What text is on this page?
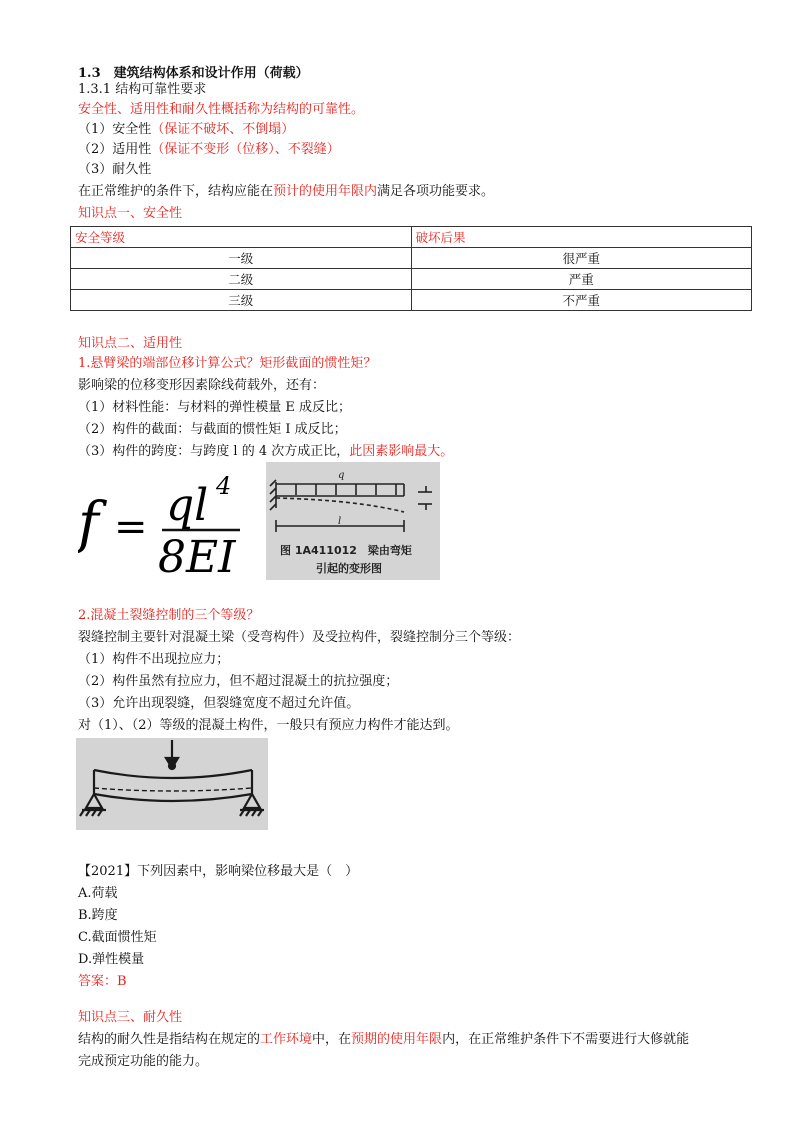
1.3　建筑结构体系和设计作用（荷载）
1.3.1 结构可靠性要求
安全性、适用性和耐久性概括称为结构的可靠性。
（1）安全性（保证不破坏、不倒塌）
（2）适用性（保证不变形（位移）、不裂缝）
（3）耐久性
在正常维护的条件下，结构应能在预计的使用年限内满足各项功能要求。
知识点一、安全性
安全等级	破坏后果
一级	很严重
二级	严重
三级	不严重
知识点二、适用性
1.悬臂梁的端部位移计算公式？矩形截面的惯性矩？
影响梁的位移变形因素除线荷载外，还有：
（1）材料性能：与材料的弹性模量 E 成反比；
（2）构件的截面：与截面的惯性矩 I 成反比；
（3）构件的跨度：与跨度 l 的 4 次方成正比，此因素影响最大。
f = ql 4
8EI
q
l
图 1A411012　梁由弯矩
引起的变形图
2.混凝土裂缝控制的三个等级？
裂缝控制主要针对混凝土梁（受弯构件）及受拉构件，裂缝控制分三个等级：
（1）构件不出现拉应力；
（2）构件虽然有拉应力，但不超过混凝土的抗拉强度；
（3）允许出现裂缝，但裂缝宽度不超过允许值。
对（1）、（2）等级的混凝土构件，一般只有预应力构件才能达到。
【2021】下列因素中，影响梁位移最大是（　）
A.荷载
B.跨度
C.截面惯性矩
D.弹性模量
答案：B
知识点三、耐久性
结构的耐久性是指结构在规定的工作环境中，在预期的使用年限内，在正常维护条件下不需要进行大修就能
完成预定功能的能力。
